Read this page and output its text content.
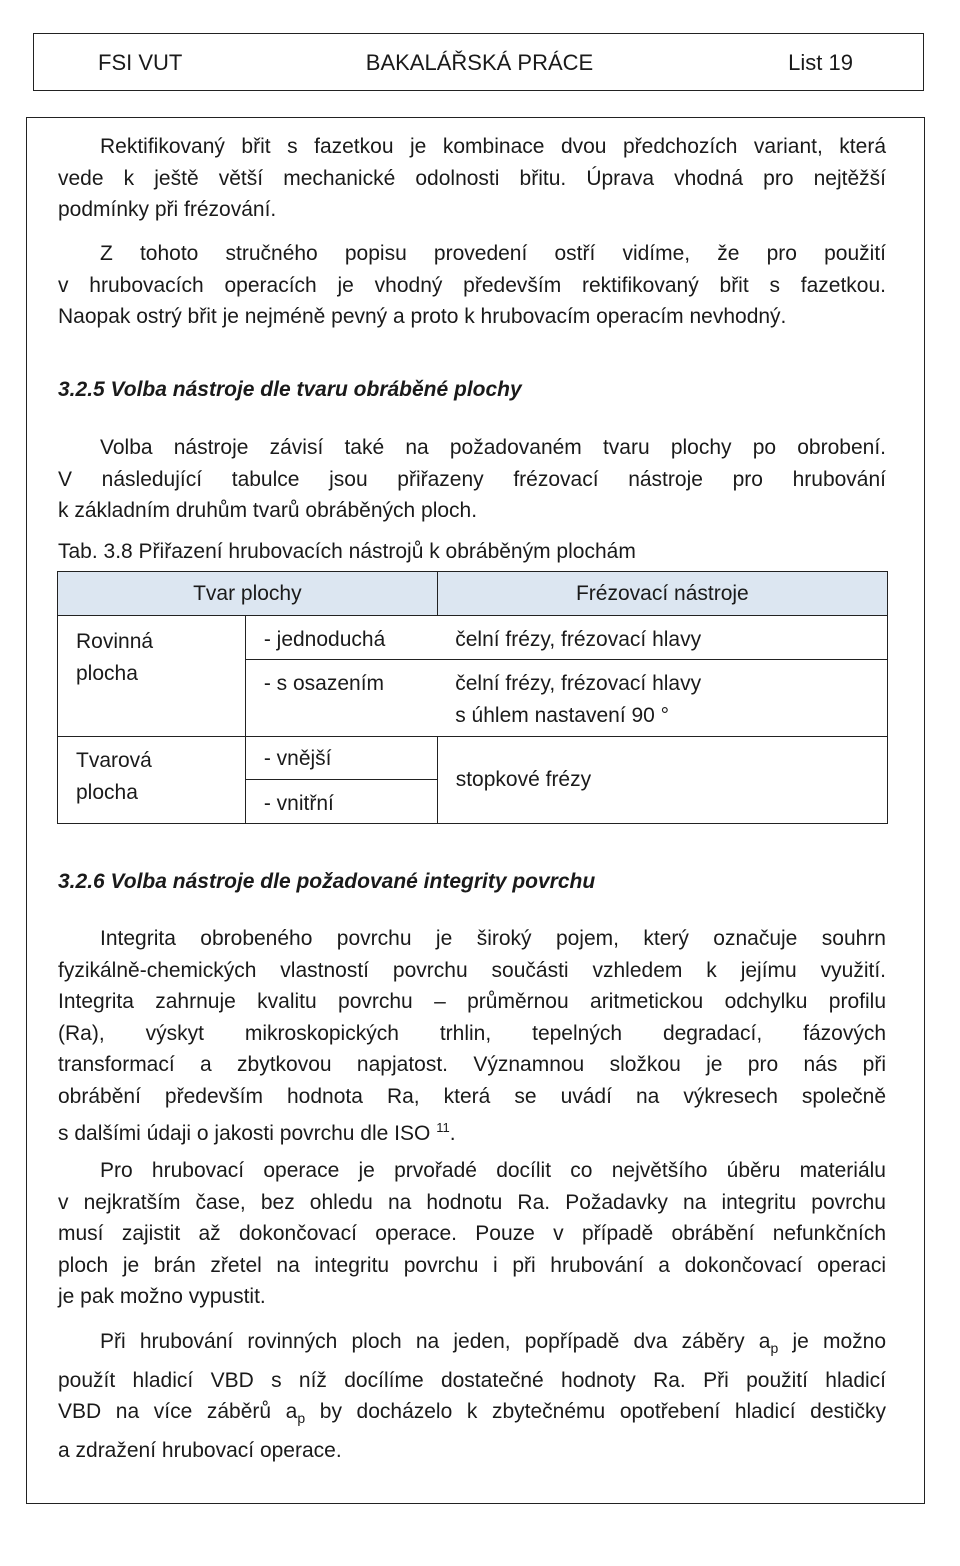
BAKALÁŘSKÁ PRÁCE
FSI VUT	List 19
Rektifikovaný břit s fazetkou je kombinace dvou předchozích variant, která
vede k ještě větší mechanické odolnosti břitu. Úprava vhodná pro nejtěžší
podmínky při frézování.
Z tohoto stručného popisu provedení ostří vidíme, že pro použití
v hrubovacích operacích je vhodný především rektifikovaný břit s fazetkou.
Naopak ostrý břit je nejméně pevný a proto k hrubovacím operacím nevhodný.
3.2.5 Volba nástroje dle tvaru obráběné plochy
Volba nástroje závisí také na požadovaném tvaru plochy po obrobení.
V následující tabulce jsou přiřazeny frézovací nástroje pro hrubování
k základním druhům tvarů obráběných ploch.
Tab. 3.8 Přiřazení hrubovacích nástrojů k obráběným plochám
Tvar plochy		Frézovací nástroje

Rovinná
plocha	- jednoduchá	čelní frézy, frézovací hlavy

	- s osazením	čelní frézy, frézovací hlavy
s úhlem nastavení 90 °

Tvarová
plocha	- vnější	stopkové frézy

	- vnitřní	
3.2.6 Volba nástroje dle požadované integrity povrchu
Integrita obrobeného povrchu je široký pojem, který označuje souhrn
fyzikálně-chemických vlastností povrchu součásti vzhledem k jejímu využití.
Integrita zahrnuje kvalitu povrchu – průměrnou aritmetickou odchylku profilu
(Ra), výskyt mikroskopických trhlin, tepelných degradací, fázových
transformací a zbytkovou napjatost. Významnou složkou je pro nás při
obrábění především hodnota Ra, která se uvádí na výkresech společně
s dalšími údaji o jakosti povrchu dle ISO $^{11}$.
Pro hrubovací operace je prvořadé docílit co největšího úběru materiálu
v nejkratším čase, bez ohledu na hodnotu Ra. Požadavky na integritu povrchu
musí zajistit až dokončovací operace. Pouze v případě obrábění nefunkčních
ploch je brán zřetel na integritu povrchu i při hrubování a dokončovací operaci
je pak možno vypustit.
Při hrubování rovinných ploch na jeden, popřípadě dva záběry $a_p$ je možno
použít hladicí VBD s níž docílíme dostatečné hodnoty Ra. Při použití hladicí
VBD na více záběrů $a_p$ by docházelo k zbytečnému opotřebení hladicí destičky
a zdražení hrubovací operace.
